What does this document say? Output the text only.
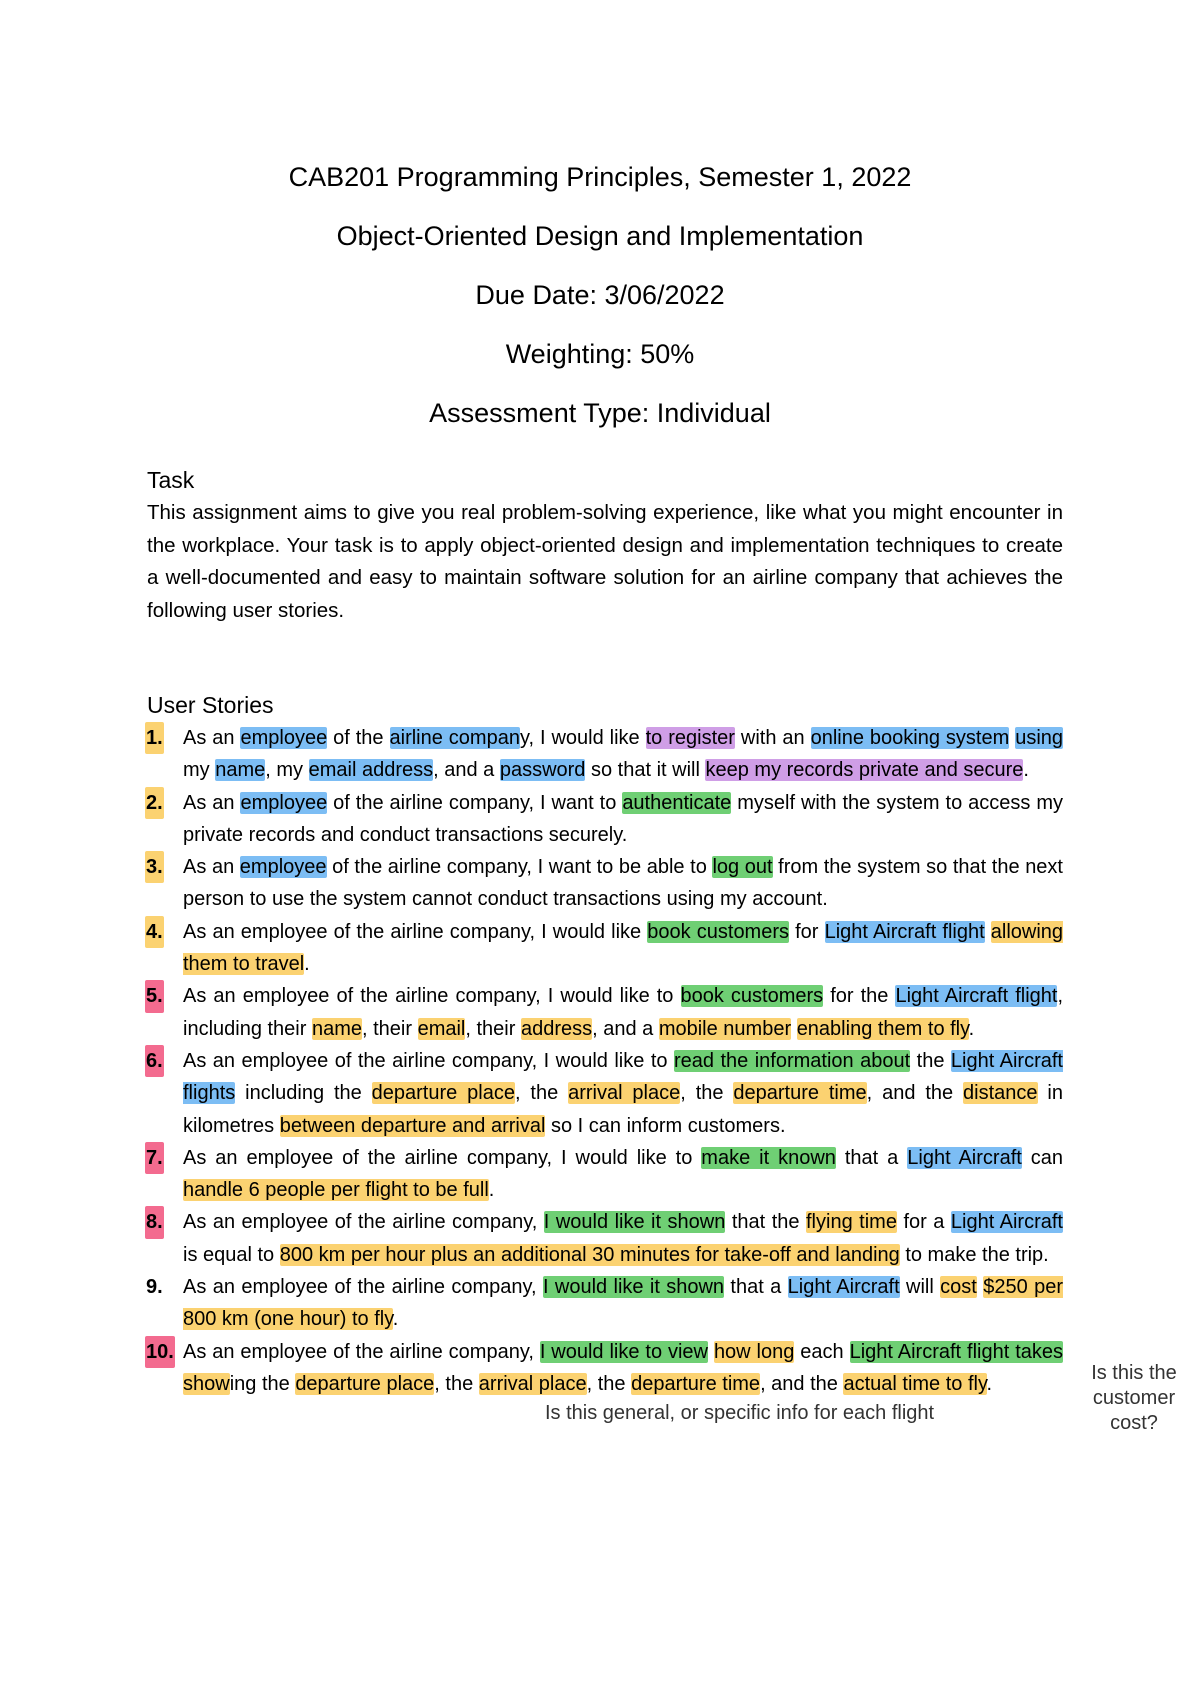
CAB201 Programming Principles, Semester 1, 2022
Object-Oriented Design and Implementation
Due Date: 3/06/2022
Weighting: 50%
Assessment Type: Individual
Task
This assignment aims to give you real problem-solving experience, like what you might encounter in the workplace. Your task is to apply object-oriented design and implementation techniques to create a well-documented and easy to maintain software solution for an airline company that achieves the following user stories.
User Stories
1. As an employee of the airline company, I would like to register with an online booking system using my name, my email address, and a password so that it will keep my records private and secure.
2. As an employee of the airline company, I want to authenticate myself with the system to access my private records and conduct transactions securely.
3. As an employee of the airline company, I want to be able to log out from the system so that the next person to use the system cannot conduct transactions using my account.
4. As an employee of the airline company, I would like book customers for Light Aircraft flight allowing them to travel.
5. As an employee of the airline company, I would like to book customers for the Light Aircraft flight, including their name, their email, their address, and a mobile number enabling them to fly.
6. As an employee of the airline company, I would like to read the information about the Light Aircraft flights including the departure place, the arrival place, the departure time, and the distance in kilometres between departure and arrival so I can inform customers.
7. As an employee of the airline company, I would like to make it known that a Light Aircraft can handle 6 people per flight to be full.
8. As an employee of the airline company, I would like it shown that the flying time for a Light Aircraft is equal to 800 km per hour plus an additional 30 minutes for take-off and landing to make the trip.
9. As an employee of the airline company, I would like it shown that a Light Aircraft will cost $250 per 800 km (one hour) to fly.
10. As an employee of the airline company, I would like to view how long each Light Aircraft flight takes showing the departure place, the arrival place, the departure time, and the actual time to fly.
Is this general, or specific info for each flight
Is this the customer cost?
